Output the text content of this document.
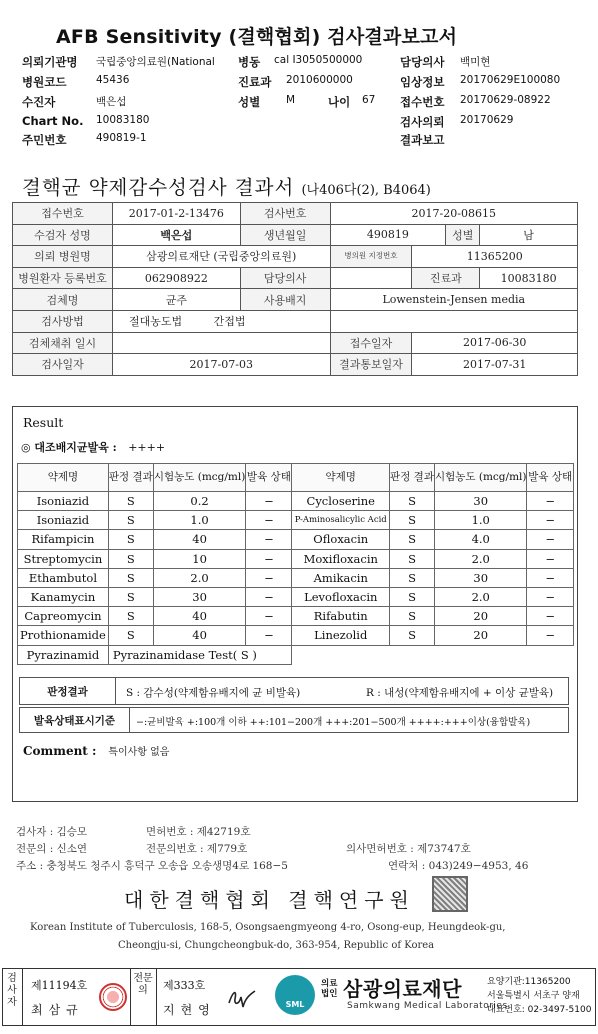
AFB Sensitivity (결핵협회) 검사결과보고서
의뢰기관명 국립중앙의료원(National 병동 cal I3050500000	담당의사 백미현
병원코드	45436	진료과 2010600000	임상정보 20170629E100080
수진자	백은섭	성별 M	나이 67 접수번호 20170629-08922
Chart No. 10083180	검사의뢰 20170629
주민번호	490819-1	결과보고
결핵균 약제감수성검사 결과서 (나406다(2), B4064)
접수번호	2017-01-2-13476	검사번호	2017-20-08615			
수검자 성명	백은섭	생년월일	490819		성별	남
의뢰 병원명	삼광의료재단 (국립중앙의료원)		병의원 지정번호	11365200		
병원환자 등록번호	062908922	담당의사		진료과		10083180
검체명	균주	사용배지	Lowenstein-Jensen media			
검사방법	절대농도법 간접법					
검체채취 일시			접수일자	2017-06-30		
검사일자	2017-07-03		결과통보일자	2017-07-31		
Result
◎ 대조배지균발육 : ++++
약제명	판정 결과	시험농도 (mcg/ml)	발육 상태	약제명	판정 결과	시험농도 (mcg/ml)	발육 상태
Isoniazid	S	0.2	−	Cycloserine	S	30	−
Isoniazid	S	1.0	−	P-Aminosalicylic Acid	S	1.0	−
Rifampicin	S	40	−	Ofloxacin	S	4.0	−
Streptomycin	S	10	−	Moxifloxacin	S	2.0	−
Ethambutol	S	2.0	−	Amikacin	S	30	−
Kanamycin	S	30	−	Levofloxacin	S	2.0	−
Capreomycin	S	40	−	Rifabutin	S	20	−
Prothionamide	S	40	−	Linezolid	S	20	−
Pyrazinamid	Pyrazinamidase Test( S )						
판정결과	S : 감수성(약제함유배지에 균 비발육)	R : 내성(약제함유배지에 + 이상 균발육)
발육상태표시기준	−:균비발육 +:100개 이하 ++:101−200개 +++:201−500개 ++++:+++이상(융합발육)
Comment : 특이사항 없음
검사자 : 김승모	면허번호 : 제42719호
전문의 : 신소연	전문의번호 : 제779호	의사면허번호 : 제73747호
주소 : 충청북도 청주시 흥덕구 오송읍 오송생명4로 168−5	연락처 : 043)249−4953, 46
대한결핵협회 결핵연구원
Korean Institute of Tuberculosis, 168-5, Osongsaengmyeong 4-ro, Osong-eup, Heungdeok-gu,
Cheongju-si, Chungcheongbuk-do, 363-954, Republic of Korea
검사자
제11194호
최삼규
전문의	제333호
지현영	SML
의료 법인 삼광의료재단
Samkwang Medical Laboratories
요양기관:11365200
서울특별시 서초구 양재
대표번호: 02-3497-5100
